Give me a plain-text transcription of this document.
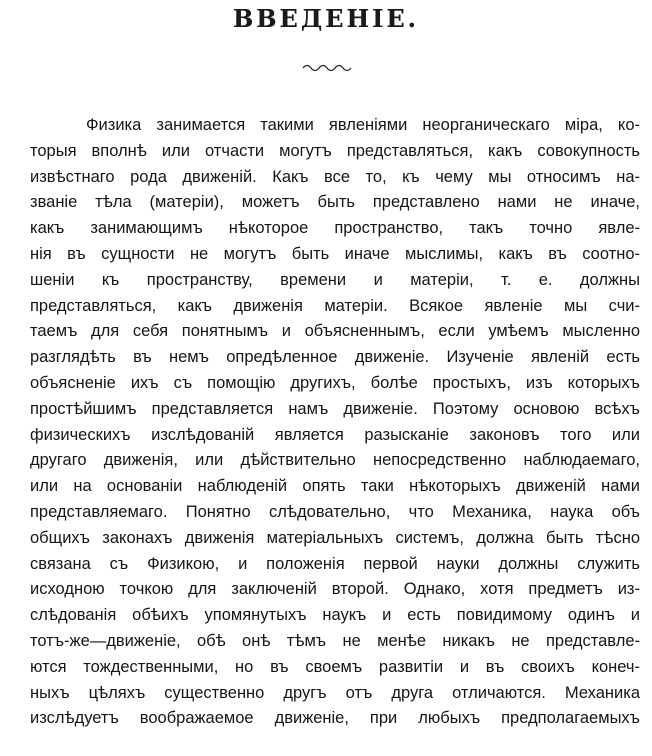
ВВЕДЕНІЕ.
Физика занимается такими явленіями неорганическаго міра, ко-
торыя вполнѣ или отчасти могутъ представляться, какъ совокупность
извѣстнаго рода движеній. Какъ все то, къ чему мы относимъ на-
званіе тѣла (матеріи), можетъ быть представлено нами не иначе,
какъ занимающимъ нѣкоторое пространство, такъ точно явле-
нія въ сущности не могутъ быть иначе мыслимы, какъ въ соотно-
шеніи къ пространству, времени и матеріи, т. е. должны
представляться, какъ движенія матеріи. Всякое явленіе мы счи-
таемъ для себя понятнымъ и объясненнымъ, если умѣемъ мысленно
разглядѣть въ немъ опредѣленное движеніе. Изученіе явленій есть
объясненіе ихъ съ помощію другихъ, болѣе простыхъ, изъ которыхъ
простѣйшимъ представляется намъ движеніе. Поэтому основою всѣхъ
физическихъ изслѣдованій является разысканіе законовъ того или
другаго движенія, или дѣйствительно непосредственно наблюдаемаго,
или на основаніи наблюденій опять таки нѣкоторыхъ движеній нами
представляемаго. Понятно слѣдовательно, что Механика, наука объ
общихъ законахъ движенія матеріальныхъ системъ, должна быть тѣсно
связана съ Физикою, и положенія первой науки должны служить
исходною точкою для заключеній второй. Однако, хотя предметъ из-
слѣдованія обѣихъ упомянутыхъ наукъ и есть повидимому одинъ и
тотъ-же—движеніе, обѣ онѣ тѣмъ не менѣе никакъ не представле-
ются тождественными, но въ своемъ развитіи и въ своихъ конеч-
ныхъ цѣляхъ существенно другъ отъ друга отличаются. Механика
изслѣдуетъ воображаемое движеніе, при любыхъ предполагаемыхъ
